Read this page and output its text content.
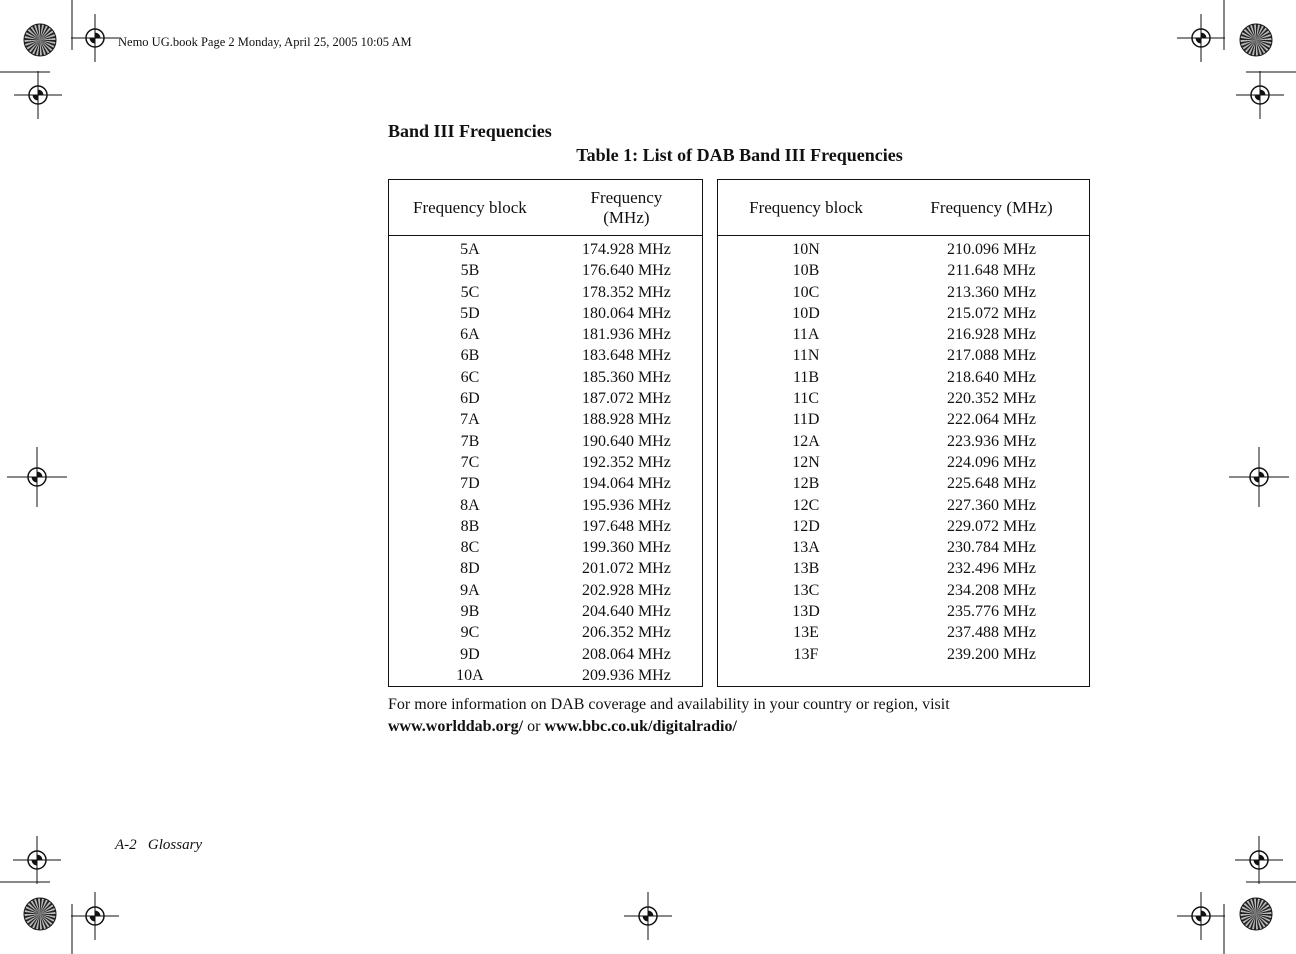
Nemo UG.book Page 2 Monday, April 25, 2005 10:05 AM
Band III Frequencies
Table 1: List of DAB Band III Frequencies
Frequency block	Frequency (MHz)
5A	174.928 MHz
5B	176.640 MHz
5C	178.352 MHz
5D	180.064 MHz
6A	181.936 MHz
6B	183.648 MHz
6C	185.360 MHz
6D	187.072 MHz
7A	188.928 MHz
7B	190.640 MHz
7C	192.352 MHz
7D	194.064 MHz
8A	195.936 MHz
8B	197.648 MHz
8C	199.360 MHz
8D	201.072 MHz
9A	202.928 MHz
9B	204.640 MHz
9C	206.352 MHz
9D	208.064 MHz
10A	209.936 MHz
Frequency block	Frequency (MHz)
10N	210.096 MHz
10B	211.648 MHz
10C	213.360 MHz
10D	215.072 MHz
11A	216.928 MHz
11N	217.088 MHz
11B	218.640 MHz
11C	220.352 MHz
11D	222.064 MHz
12A	223.936 MHz
12N	224.096 MHz
12B	225.648 MHz
12C	227.360 MHz
12D	229.072 MHz
13A	230.784 MHz
13B	232.496 MHz
13C	234.208 MHz
13D	235.776 MHz
13E	237.488 MHz
13F	239.200 MHz

For more information on DAB coverage and availability in your country or region, visit
www.worlddab.org/ or www.bbc.co.uk/digitalradio/
A-2   Glossary
